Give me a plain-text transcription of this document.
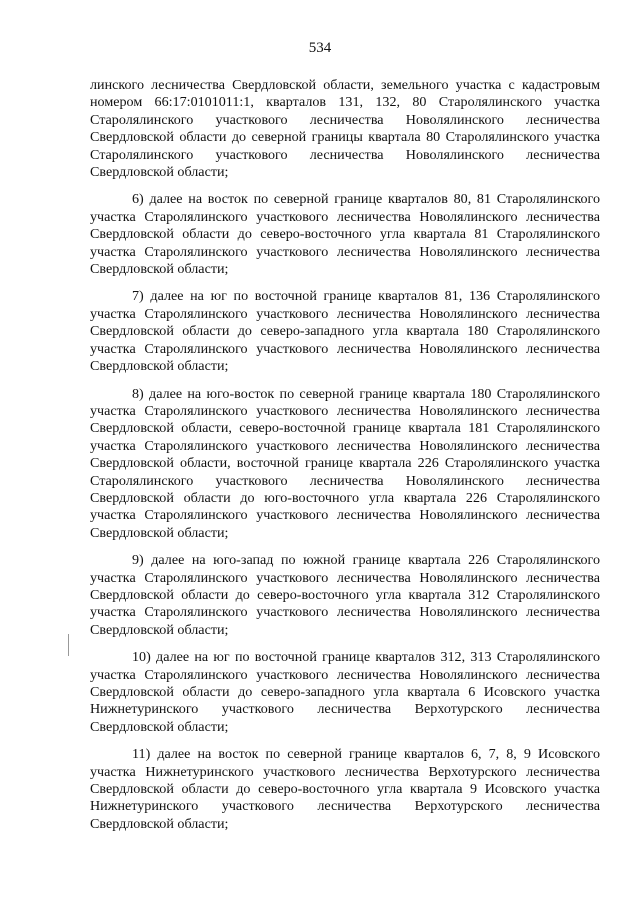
534

линского лесничества Свердловской области, земельного участка с кадастровым номером 66:17:0101011:1, кварталов 131, 132, 80 Старолялинского участка Старолялинского участкового лесничества Новолялинского лесничества Свердловской области до северной границы квартала 80 Старолялинского участка Старолялинского участкового лесничества Новолялинского лесничества Свердловской области;

6) далее на восток по северной границе кварталов 80, 81 Старолялинского участка Старолялинского участкового лесничества Новолялинского лесничества Свердловской области до северо-восточного угла квартала 81 Старолялинского участка Старолялинского участкового лесничества Новолялинского лесничества Свердловской области;

7) далее на юг по восточной границе кварталов 81, 136 Старолялинского участка Старолялинского участкового лесничества Новолялинского лесничества Свердловской области до северо-западного угла квартала 180 Старолялинского участка Старолялинского участкового лесничества Новолялинского лесничества Свердловской области;

8) далее на юго-восток по северной границе квартала 180 Старолялинского участка Старолялинского участкового лесничества Новолялинского лесничества Свердловской области, северо-восточной границе квартала 181 Старолялинского участка Старолялинского участкового лесничества Новолялинского лесничества Свердловской области, восточной границе квартала 226 Старолялинского участка Старолялинского участкового лесничества Новолялинского лесничества Свердловской области до юго-восточного угла квартала 226 Старолялинского участка Старолялинского участкового лесничества Новолялинского лесничества Свердловской области;

9) далее на юго-запад по южной границе квартала 226 Старолялинского участка Старолялинского участкового лесничества Новолялинского лесничества Свердловской области до северо-восточного угла квартала 312 Старолялинского участка Старолялинского участкового лесничества Новолялинского лесничества Свердловской области;

10) далее на юг по восточной границе кварталов 312, 313 Старолялинского участка Старолялинского участкового лесничества Новолялинского лесничества Свердловской области до северо-западного угла квартала 6 Исовского участка Нижнетуринского участкового лесничества Верхотурского лесничества Свердловской области;

11) далее на восток по северной границе кварталов 6, 7, 8, 9 Исовского участка Нижнетуринского участкового лесничества Верхотурского лесничества Свердловской области до северо-восточного угла квартала 9 Исовского участка Нижнетуринского участкового лесничества Верхотурского лесничества Свердловской области;
